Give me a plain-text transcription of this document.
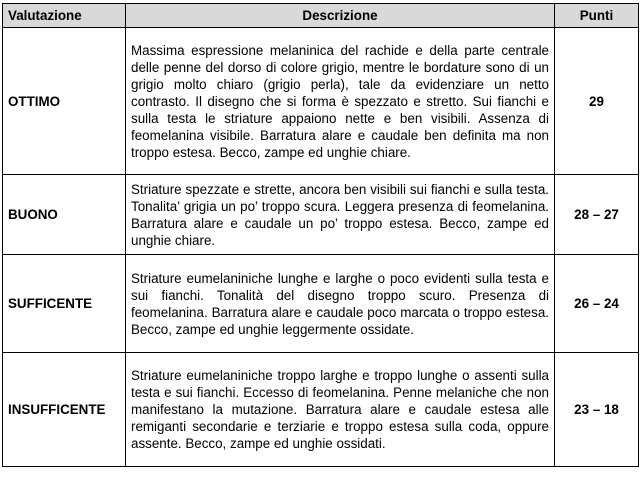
Valutazione	Descrizione	Punti
OTTIMO	Massima espressione melaninica del rachide e della parte centrale delle penne del dorso di colore grigio, mentre le bordature sono di un grigio molto chiaro (grigio perla), tale da evidenziare un netto contrasto. Il disegno che si forma è spezzato e stretto. Sui fianchi e sulla testa le striature appaiono nette e ben visibili. Assenza di feomelanina visibile. Barratura alare e caudale ben definita ma non troppo estesa. Becco, zampe ed unghie chiare.	29
BUONO	Striature spezzate e strette, ancora ben visibili sui fianchi e sulla testa. Tonalita’ grigia un po’ troppo scura. Leggera presenza di feomelanina. Barratura alare e caudale un po’ troppo estesa. Becco, zampe ed unghie chiare.	28 – 27
SUFFICENTE	Striature eumelaniniche lunghe e larghe o poco evidenti sulla testa e sui fianchi. Tonalità del disegno troppo scuro. Presenza di feomelanina. Barratura alare e caudale poco marcata o troppo estesa. Becco, zampe ed unghie leggermente ossidate.	26 – 24
INSUFFICENTE	Striature eumelaniniche troppo larghe e troppo lunghe o assenti sulla testa e sui fianchi. Eccesso di feomelanina. Penne melaniche che non manifestano la mutazione. Barratura alare e caudale estesa alle remiganti secondarie e terziarie e troppo estesa sulla coda, oppure assente. Becco, zampe ed unghie ossidati.	23 – 18
